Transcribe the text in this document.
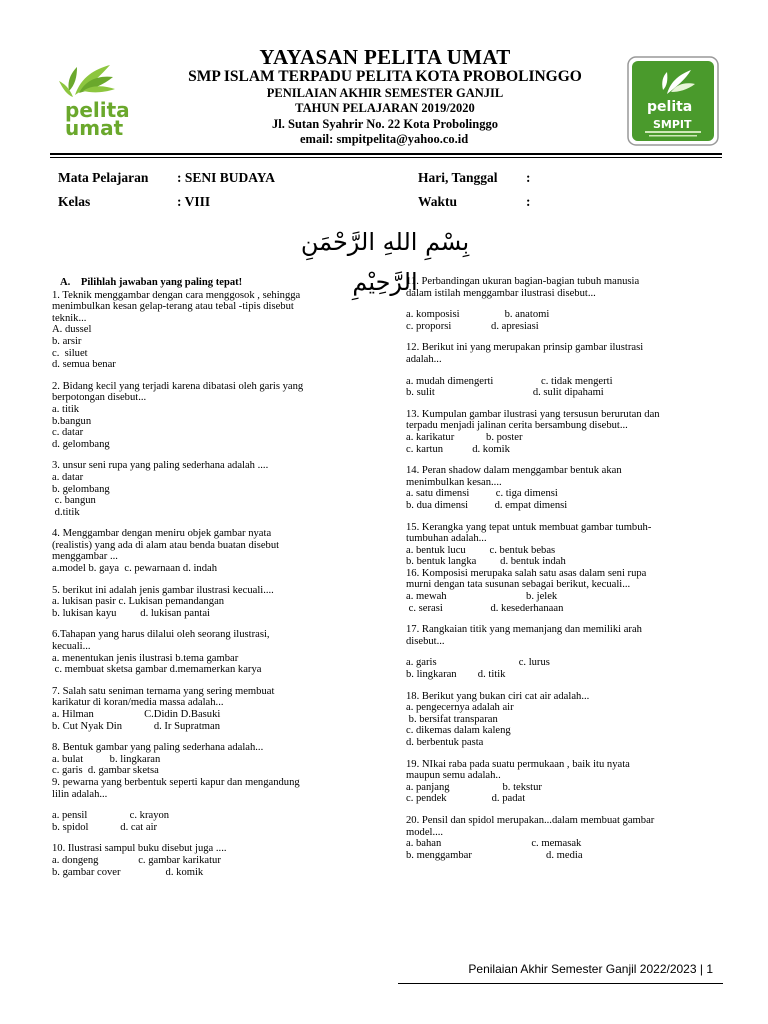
pelita
umat
pelita
SMPIT
YAYASAN PELITA UMAT
SMP ISLAM TERPADU PELITA KOTA PROBOLINGGO
PENILAIAN AKHIR SEMESTER GANJIL
TAHUN PELAJARAN 2019/2020
Jl. Sutan Syahrir No. 22 Kota Probolinggo
email: smpitpelita@yahoo.co.id
Mata Pelajaran : SENI BUDAYA
Kelas	: VIII
Hari, Tanggal :
Waktu	:
بِسْمِ اللهِ الرَّحْمَنِ الرَّحِيْمِ

A.    Pilihlah jawaban yang paling tepat!

1. Teknik menggambar dengan cara menggosok , sehingga

menimbulkan kesan gelap-terang atau tebal -tipis disebut

teknik...

A. dussel

b. arsir

c.  siluet

d. semua benar

2. Bidang kecil yang terjadi karena dibatasi oleh garis yang

berpotongan disebut...

a. titik

b.bangun

c. datar

d. gelombang

3. unsur seni rupa yang paling sederhana adalah ....

a. datar

b. gelombang

c. bangun

d.titik

4. Menggambar dengan meniru objek gambar nyata

(realistis) yang ada di alam atau benda buatan disebut

menggambar ...

a.model b. gaya  c. pewarnaan d. indah

5. berikut ini adalah jenis gambar ilustrasi kecuali....

a. lukisan pasir c. Lukisan pemandangan

b. lukisan kayu         d. lukisan pantai

6.Tahapan yang harus dilalui oleh seorang ilustrasi,

kecuali...

a. menentukan jenis ilustrasi b.tema gambar

c. membuat sketsa gambar d.memamerkan karya

7. Salah satu seniman ternama yang sering membuat

karikatur di koran/media massa adalah...

a. Hilman                   C.Didin D.Basuki

b. Cut Nyak Din            d. Ir Supratman

8. Bentuk gambar yang paling sederhana adalah...

a. bulat          b. lingkaran

c. garis  d. gambar sketsa

9. pewarna yang berbentuk seperti kapur dan mengandung

lilin adalah...

a. pensil                c. krayon

b. spidol            d. cat air

10. Ilustrasi sampul buku disebut juga ....

a. dongeng               c. gambar karikatur

b. gambar cover                 d. komik

11. Perbandingan ukuran bagian-bagian tubuh manusia

dalam istilah menggambar ilustrasi disebut...

a. komposisi                 b. anatomi

c. proporsi               d. apresiasi

12. Berikut ini yang merupakan prinsip gambar ilustrasi

adalah...

a. mudah dimengerti                  c. tidak mengerti

b. sulit                                     d. sulit dipahami

13. Kumpulan gambar ilustrasi yang tersusun berurutan dan

terpadu menjadi jalinan cerita bersambung disebut...

a. karikatur            b. poster

c. kartun           d. komik

14. Peran shadow dalam menggambar bentuk akan

menimbulkan kesan....

a. satu dimensi          c. tiga dimensi

b. dua dimensi          d. empat dimensi

15. Kerangka yang tepat untuk membuat gambar tumbuh-

tumbuhan adalah...

a. bentuk lucu         c. bentuk bebas

b. bentuk langka         d. bentuk indah

16. Komposisi merupaka salah satu asas dalam seni rupa

murni dengan tata susunan sebagai berikut, kecuali...

a. mewah                              b. jelek

c. serasi                  d. kesederhanaan

17. Rangkaian titik yang memanjang dan memiliki arah

disebut...

a. garis                               c. lurus

b. lingkaran        d. titik

18. Berikut yang bukan ciri cat air adalah...

a. pengecernya adalah air

b. bersifat transparan

c. dikemas dalam kaleng

d. berbentuk pasta

19. NIkai raba pada suatu permukaan , baik itu nyata

maupun semu adalah..

a. panjang                    b. tekstur

c. pendek                 d. padat

20. Pensil dan spidol merupakan...dalam membuat gambar

model....

a. bahan                                  c. memasak

b. menggambar                            d. media

Penilaian Akhir Semester Ganjil 2022/2023 | 1
